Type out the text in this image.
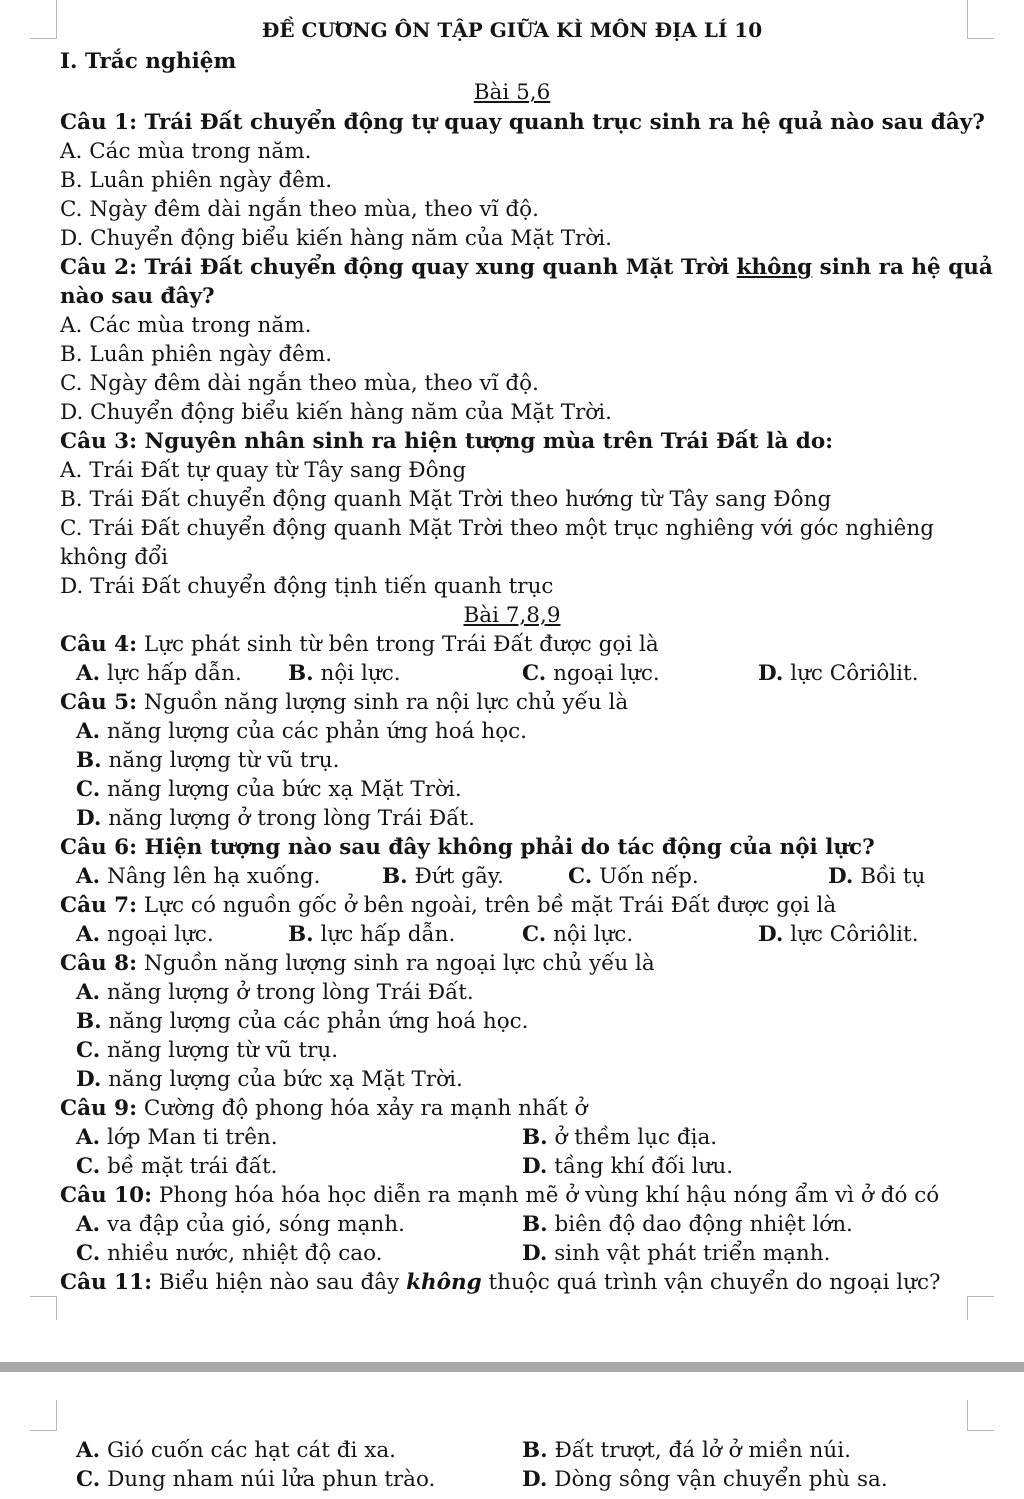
ĐỀ CƯƠNG ÔN TẬP GIỮA KÌ MÔN ĐỊA LÍ 10
I. Trắc nghiệm
Bài 5,6
Câu 1: Trái Đất chuyển động tự quay quanh trục sinh ra hệ quả nào sau đây?
A. Các mùa trong năm.
B. Luân phiên ngày đêm.
C. Ngày đêm dài ngắn theo mùa, theo vĩ độ.
D. Chuyển động biểu kiến hàng năm của Mặt Trời.
Câu 2: Trái Đất chuyển động quay xung quanh Mặt Trời không sinh ra hệ quả
nào sau đây?
A. Các mùa trong năm.
B. Luân phiên ngày đêm.
C. Ngày đêm dài ngắn theo mùa, theo vĩ độ.
D. Chuyển động biểu kiến hàng năm của Mặt Trời.
Câu 3: Nguyên nhân sinh ra hiện tượng mùa trên Trái Đất là do:
A. Trái Đất tự quay từ Tây sang Đông
B. Trái Đất chuyển động quanh Mặt Trời theo hướng từ Tây sang Đông
C. Trái Đất chuyển động quanh Mặt Trời theo một trục nghiêng với góc nghiêng
không đổi
D. Trái Đất chuyển động tịnh tiến quanh trục
Bài 7,8,9
Câu 4: Lực phát sinh từ bên trong Trái Đất được gọi là
A. lực hấp dẫn. B. nội lực.	C. ngoại lực.	D. lực Côriôlit.
Câu 5: Nguồn năng lượng sinh ra nội lực chủ yếu là
A. năng lượng của các phản ứng hoá học.
B. năng lượng từ vũ trụ.
C. năng lượng của bức xạ Mặt Trời.
D. năng lượng ở trong lòng Trái Đất.
Câu 6: Hiện tượng nào sau đây không phải do tác động của nội lực?
A. Nâng lên hạ xuống.	B. Đứt gãy.	C. Uốn nếp.	D. Bồi tụ
Câu 7: Lực có nguồn gốc ở bên ngoài, trên bề mặt Trái Đất được gọi là
A. ngoại lực.	B. lực hấp dẫn.	C. nội lực.	D. lực Côriôlit.
Câu 8: Nguồn năng lượng sinh ra ngoại lực chủ yếu là
A. năng lượng ở trong lòng Trái Đất.
B. năng lượng của các phản ứng hoá học.
C. năng lượng từ vũ trụ.
D. năng lượng của bức xạ Mặt Trời.
Câu 9: Cường độ phong hóa xảy ra mạnh nhất ở
A. lớp Man ti trên.	B. ở thềm lục địa.
C. bề mặt trái đất.	D. tầng khí đối lưu.
Câu 10: Phong hóa hóa học diễn ra mạnh mẽ ở vùng khí hậu nóng ẩm vì ở đó có
A. va đập của gió, sóng mạnh.	B. biên độ dao động nhiệt lớn.
C. nhiều nước, nhiệt độ cao.	D. sinh vật phát triển mạnh.
Câu 11: Biểu hiện nào sau đây không thuộc quá trình vận chuyển do ngoại lực?
A. Gió cuốn các hạt cát đi xa.	B. Đất trượt, đá lở ở miền núi.
C. Dung nham núi lửa phun trào.	D. Dòng sông vận chuyển phù sa.
